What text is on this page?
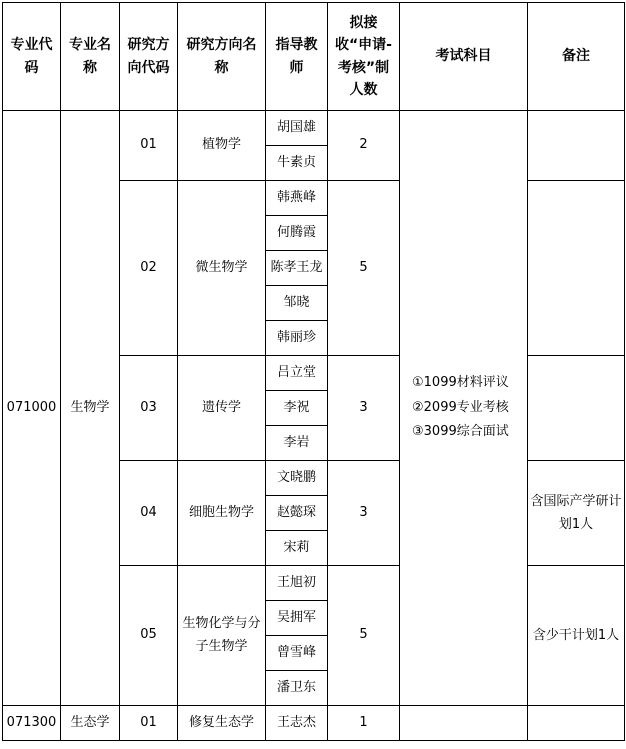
专业代码	专业名称	研究方向代码	研究方向名称	指导教师	拟接收“申请-考核”制人数	考试科目	备注
071000	生物学	01	植物学	胡国雄	2	①1099材料评议
②2099专业考核
③3099综合面试	

				牛素贞			
		02	微生物学	韩燕峰	5		
				何腾霞			
				陈孝王龙			
				邹晓			
				韩丽珍			
		03	遗传学	吕立堂	3		
				李祝			
				李岩			
		04	细胞生物学	文晓鹏	3		含国际产学研计划1人
				赵懿琛			
				宋莉			
		05	生物化学与分子生物学	王旭初	5		含少干计划1人
				吴拥军			
				曾雪峰			
				潘卫东			
071300	生态学	01	修复生态学	王志杰	1		
